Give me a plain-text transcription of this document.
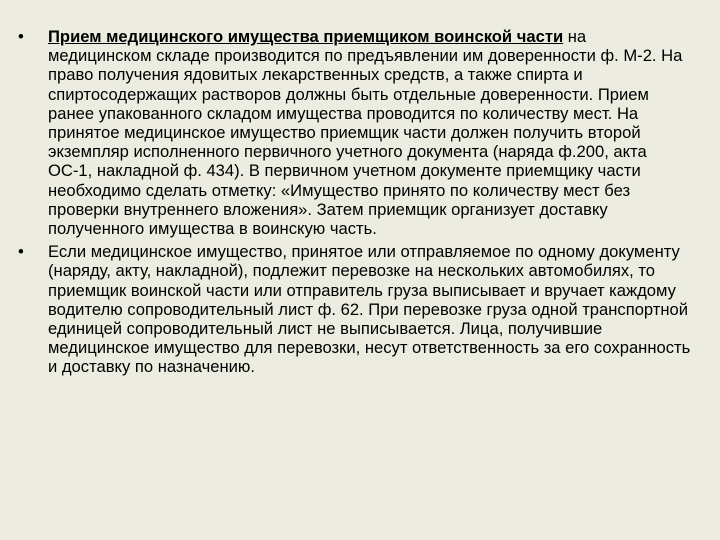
•	Прием медицинского имущества приемщиком воинской части на медицинском складе производится по предъявлении им доверенности ф. М-2. На право получения ядовитых лекарственных средств, а также спирта и спиртосодержащих растворов должны быть отдельные доверенности. Прием ранее упакованного складом имущества проводится по количеству мест. На принятое медицинское имущество приемщик части должен получить второй экземпляр исполненного первичного учетного документа (наряда ф.200, акта ОС-1, накладной ф. 434). В первичном учетном документе приемщику части необходимо сделать отметку: «Имущество принято по количеству мест без проверки внутреннего вложения». Затем приемщик организует доставку полученного имущества в воинскую часть.
•	Если медицинское имущество, принятое или отправляемое по одному документу (наряду, акту, накладной), подлежит перевозке на нескольких автомобилях, то приемщик воинской части или отправитель груза выписывает и вручает каждому водителю сопроводительный лист ф. 62. При перевозке груза одной транспортной единицей сопроводительный лист не выписывается. Лица, получившие медицинское имущество для перевозки, несут ответственность за его сохранность и доставку по назначению.
